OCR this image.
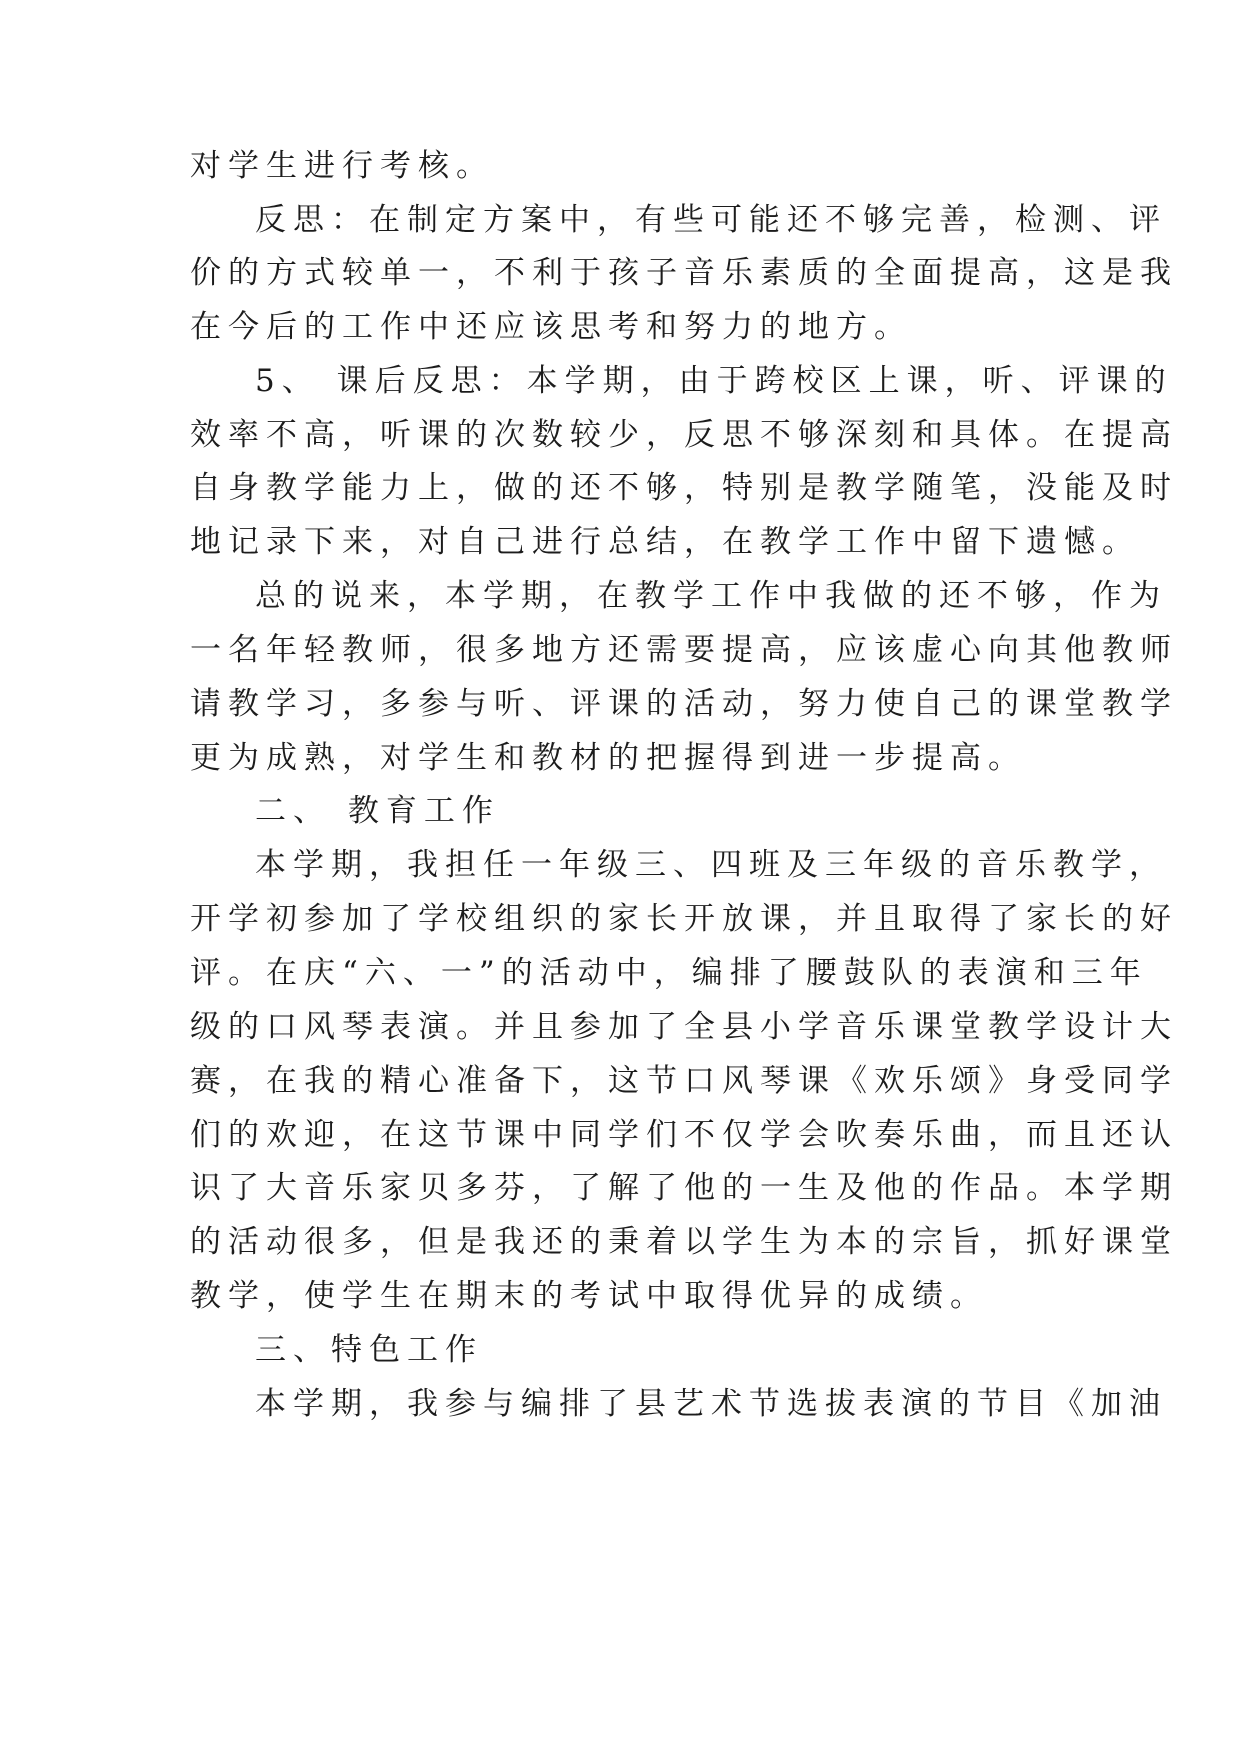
对学生进行考核。
反思：在制定方案中，有些可能还不够完善，检测、评
价的方式较单一，不利于孩子音乐素质的全面提高，这是我
在今后的工作中还应该思考和努力的地方。
5、 课后反思：本学期，由于跨校区上课，听、评课的
效率不高，听课的次数较少，反思不够深刻和具体。在提高
自身教学能力上，做的还不够，特别是教学随笔，没能及时
地记录下来，对自己进行总结，在教学工作中留下遗憾。
总的说来，本学期，在教学工作中我做的还不够，作为
一名年轻教师，很多地方还需要提高，应该虚心向其他教师
请教学习，多参与听、评课的活动，努力使自己的课堂教学
更为成熟，对学生和教材的把握得到进一步提高。
二、 教育工作
本学期，我担任一年级三、四班及三年级的音乐教学，
开学初参加了学校组织的家长开放课，并且取得了家长的好
评。在庆“六、一”的活动中，编排了腰鼓队的表演和三年
级的口风琴表演。并且参加了全县小学音乐课堂教学设计大
赛，在我的精心准备下，这节口风琴课《欢乐颂》身受同学
们的欢迎，在这节课中同学们不仅学会吹奏乐曲，而且还认
识了大音乐家贝多芬，了解了他的一生及他的作品。本学期
的活动很多，但是我还的秉着以学生为本的宗旨，抓好课堂
教学，使学生在期末的考试中取得优异的成绩。
三、特色工作
本学期，我参与编排了县艺术节选拔表演的节目《加油
